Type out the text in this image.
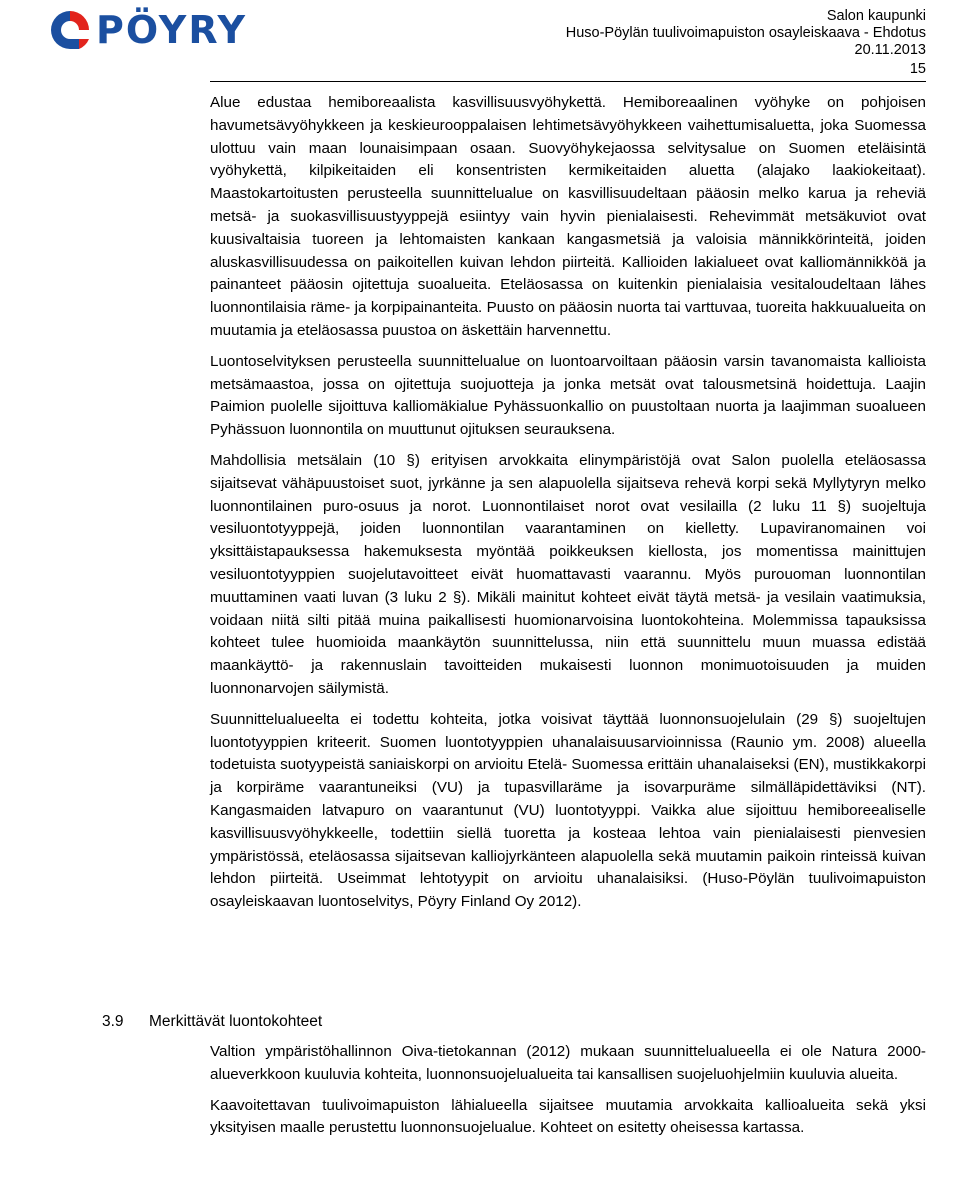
PÖYRY	Salon kaupunki
Huso-Pöylän tuulivoimapuiston osayleiskaava - Ehdotus
20.11.2013
15

Alue edustaa hemiboreaalista kasvillisuusvyöhykettä. Hemiboreaalinen vyöhyke on pohjoisen havumetsävyöhykkeen ja keskieurooppalaisen lehtimetsävyöhykkeen vaihettumisaluetta, joka Suomessa ulottuu vain maan lounaisimpaan osaan. Suovyöhykejaossa selvitysalue on Suomen eteläisintä vyöhykettä, kilpikeitaiden eli konsentristen kermikeitaiden aluetta (alajako laakiokeitaat). Maastokartoitusten perusteella suunnittelualue on kasvillisuudeltaan pääosin melko karua ja reheviä metsä- ja suokasvillisuustyyppejä esiintyy vain hyvin pienialaisesti. Rehevimmät metsäkuviot ovat kuusivaltaisia tuoreen ja lehtomaisten kankaan kangasmetsiä ja valoisia männikkörinteitä, joiden aluskasvillisuudessa on paikoitellen kuivan lehdon piirteitä. Kallioiden lakialueet ovat kalliomännikköä ja painanteet pääosin ojitettuja suoalueita. Eteläosassa on kuitenkin pienialaisia vesitaloudeltaan lähes luonnontilaisia räme- ja korpipainanteita. Puusto on pääosin nuorta tai varttuvaa, tuoreita hakkuualueita on muutamia ja eteläosassa puustoa on äskettäin harvennettu.

Luontoselvityksen perusteella suunnittelualue on luontoarvoiltaan pääosin varsin tavanomaista kallioista metsämaastoa, jossa on ojitettuja suojuotteja ja jonka metsät ovat talousmetsinä hoidettuja. Laajin Paimion puolelle sijoittuva kalliomäkialue Pyhässuonkallio on puustoltaan nuorta ja laajimman suoalueen Pyhässuon luonnontila on muuttunut ojituksen seurauksena.

Mahdollisia metsälain (10 §) erityisen arvokkaita elinympäristöjä ovat Salon puolella eteläosassa sijaitsevat vähäpuustoiset suot, jyrkänne ja sen alapuolella sijaitseva rehevä korpi sekä Myllytyryn melko luonnontilainen puro-osuus ja norot. Luonnontilaiset norot ovat vesilailla (2 luku 11 §) suojeltuja vesiluontotyyppejä, joiden luonnontilan vaarantaminen on kielletty. Lupaviranomainen voi yksittäistapauksessa hakemuksesta myöntää poikkeuksen kiellosta, jos momentissa mainittujen vesiluontotyyppien suojelutavoitteet eivät huomattavasti vaarannu. Myös purouoman luonnontilan muuttaminen vaati luvan (3 luku 2 §). Mikäli mainitut kohteet eivät täytä metsä- ja vesilain vaatimuksia, voidaan niitä silti pitää muina paikallisesti huomionarvoisina luontokohteina. Molemmissa tapauksissa kohteet tulee huomioida maankäytön suunnittelussa, niin että suunnittelu muun muassa edistää maankäyttö- ja rakennuslain tavoitteiden mukaisesti luonnon monimuotoisuuden ja muiden luonnonarvojen säilymistä.

Suunnittelualueelta ei todettu kohteita, jotka voisivat täyttää luonnonsuojelulain (29 §) suojeltujen luontotyyppien kriteerit. Suomen luontotyyppien uhanalaisuusarvioinnissa (Raunio ym. 2008) alueella todetuista suotyypeistä saniaiskorpi on arvioitu Etelä- Suomessa erittäin uhanalaiseksi (EN), mustikkakorpi ja korpiräme vaarantuneiksi (VU) ja tupasvillaräme ja isovarpuräme silmälläpidettäviksi (NT). Kangasmaiden latvapuro on vaarantunut (VU) luontotyyppi. Vaikka alue sijoittuu hemiboreealiselle kasvillisuusvyöhykkeelle, todettiin siellä tuoretta ja kosteaa lehtoa vain pienialaisesti pienvesien ympäristössä, eteläosassa sijaitsevan kalliojyrkänteen alapuolella sekä muutamin paikoin rinteissä kuivan lehdon piirteitä. Useimmat lehtotyypit on arvioitu uhanalaisiksi. (Huso-Pöylän tuulivoimapuiston osayleiskaavan luontoselvitys, Pöyry Finland Oy 2012).

3.9 Merkittävät luontokohteet

Valtion ympäristöhallinnon Oiva-tietokannan (2012) mukaan suunnittelualueella ei ole Natura 2000-alueverkkoon kuuluvia kohteita, luonnonsuojelualueita tai kansallisen suojeluohjelmiin kuuluvia alueita.

Kaavoitettavan tuulivoimapuiston lähialueella sijaitsee muutamia arvokkaita kallioalueita sekä yksi yksityisen maalle perustettu luonnonsuojelualue. Kohteet on esitetty oheisessa kartassa.
